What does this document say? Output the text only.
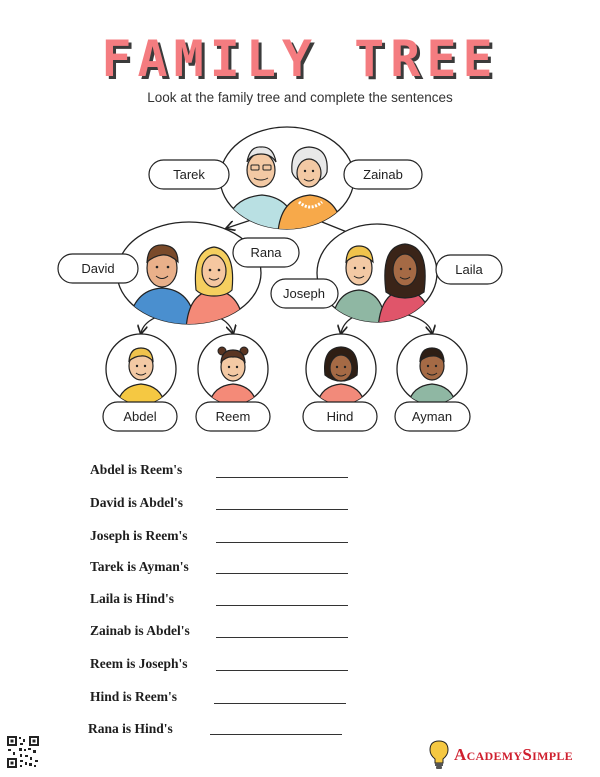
FAMILY TREE

Look at the family tree and complete the sentences

Tarek	Zainab
David
Rana
Joseph
Laila
Abdel	Reem	Hind	Ayman
Abdel is Reem's
David is Abdel's
Joseph is Reem's
Tarek is Ayman's
Laila is Hind's
Zainab is Abdel's
Reem is Joseph's
Hind is Reem's
Rana is Hind's
AcademySimple
